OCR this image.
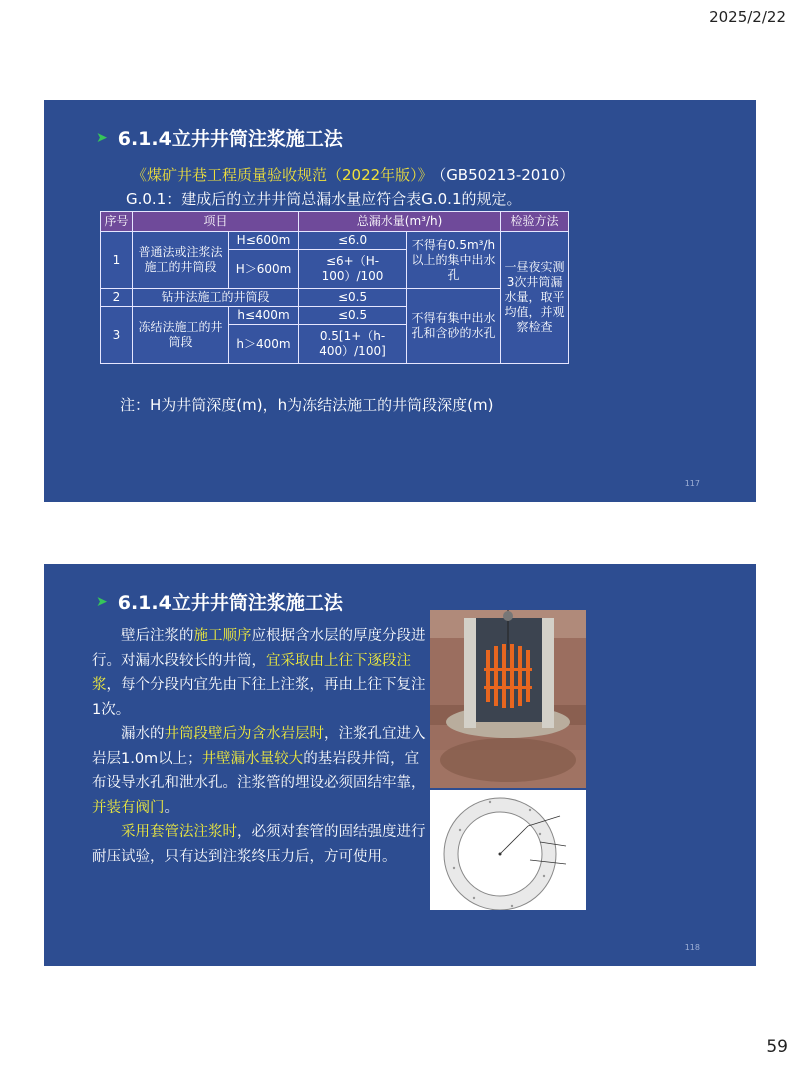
2025/2/22
➤ 6.1.4立井井筒注浆施工法
《煤矿井巷工程质量验收规范（2022年版）》 （GB50213-2010）
G.0.1：建成后的立井井筒总漏水量应符合表G.0.1的规定。
序号	项目		总漏水量(m³/h)		检验方法
1	普通法或注浆法施工的井筒段	H≤600m	≤6.0	不得有0.5m³/h以上的集中出水孔	一昼夜实测3次井筒漏水量，取平均值，并观察检查
		H＞600m	≤6+（H-100）/100		
2	钻井法施工的井筒段		≤0.5	不得有集中出水孔和含砂的水孔	
3	冻结法施工的井筒段	h≤400m	≤0.5		
		h＞400m	0.5[1+（h-400）/100]		
注：H为井筒深度(m)，h为冻结法施工的井筒段深度(m)
117
➤ 6.1.4立井井筒注浆施工法

壁后注浆的施工顺序应根据含水层的厚度分段进行。对漏水段较长的井筒，宜采取由上往下逐段注浆，每个分段内宜先由下往上注浆，再由上往下复注1次。

漏水的井筒段壁后为含水岩层时，注浆孔宜进入岩层1.0m以上；井壁漏水量较大的基岩段井筒，宜布设导水孔和泄水孔。注浆管的埋设必须固结牢靠，并装有阀门。

采用套管法注浆时，必须对套管的固结强度进行耐压试验，只有达到注浆终压力后，方可使用。

118
59
